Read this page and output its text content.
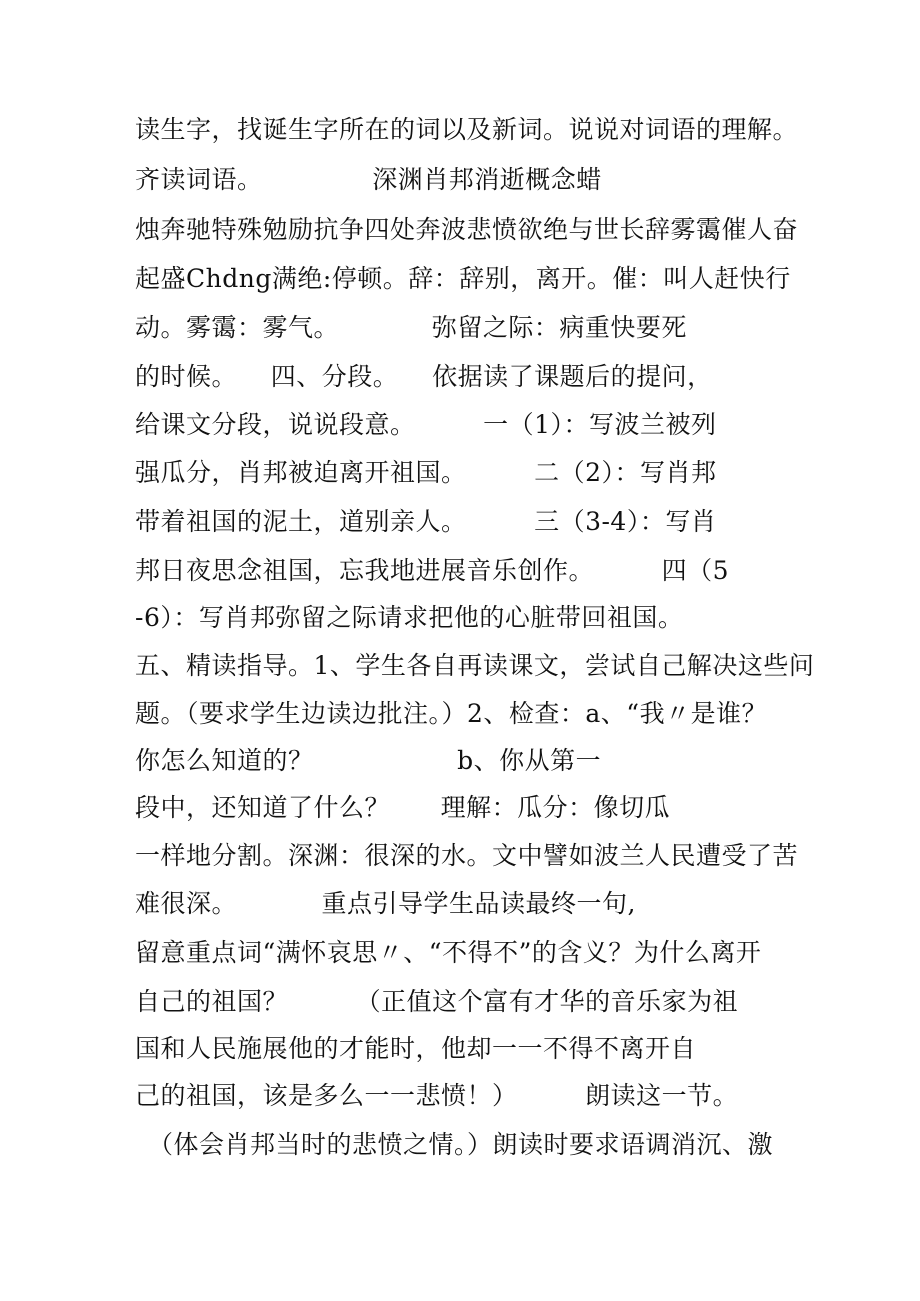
读生字，找诞生字所在的词以及新词。说说对词语的理解。
齐读词语。             深渊肖邦消逝概念蜡
烛奔驰特殊勉励抗争四处奔波悲愤欲绝与世长辞雾霭催人奋
起盛Chdng满绝:停顿。辞：辞别，离开。催：叫人赶快行
动。雾霭：雾气。           弥留之际：病重快要死
的时候。    四、分段。    依据读了课题后的提问，
给课文分段，说说段意。        一（1）：写波兰被列
强瓜分，肖邦被迫离开祖国。        二（2）：写肖邦
带着祖国的泥土，道别亲人。        三（3-4）：写肖
邦日夜思念祖国，忘我地进展音乐创作。        四（5
-6）：写肖邦弥留之际请求把他的心脏带回祖国。
五、精读指导。1、学生各自再读课文，尝试自己解决这些问
题。（要求学生边读边批注。）2、检查：a、“我〃是谁？
你怎么知道的？                 b、你从第一
段中，还知道了什么？      理解：瓜分：像切瓜
一样地分割。深渊：很深的水。文中譬如波兰人民遭受了苦
难很深。          重点引导学生品读最终一句,
留意重点词“满怀哀思〃、“不得不”的含义？为什么离开
自己的祖国？        （正值这个富有才华的音乐家为祖
国和人民施展他的才能时，他却一一不得不离开自
己的祖国，该是多么一一悲愤！）        朗读这一节。
（体会肖邦当时的悲愤之情。）朗读时要求语调消沉、激
